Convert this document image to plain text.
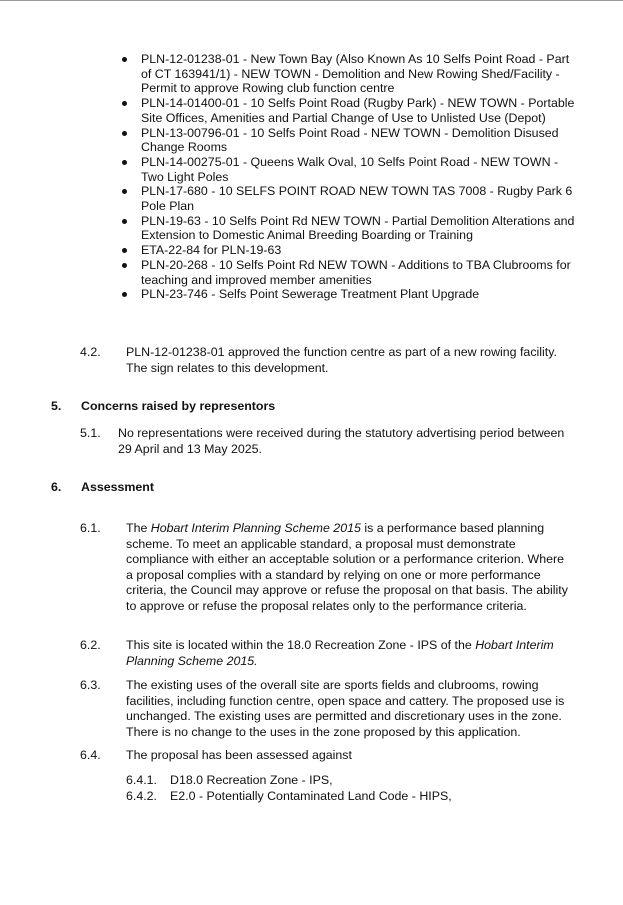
PLN-12-01238-01 - New Town Bay (Also Known As 10 Selfs Point Road - Part of CT 163941/1) - NEW TOWN - Demolition and New Rowing Shed/Facility - Permit to approve Rowing club function centre
PLN-14-01400-01 - 10 Selfs Point Road (Rugby Park) - NEW TOWN - Portable Site Offices, Amenities and Partial Change of Use to Unlisted Use (Depot)
PLN-13-00796-01 - 10 Selfs Point Road - NEW TOWN - Demolition Disused Change Rooms
PLN-14-00275-01 - Queens Walk Oval, 10 Selfs Point Road - NEW TOWN - Two Light Poles
PLN-17-680 - 10 SELFS POINT ROAD NEW TOWN TAS 7008 - Rugby Park 6 Pole Plan
PLN-19-63 - 10 Selfs Point Rd NEW TOWN - Partial Demolition Alterations and Extension to Domestic Animal Breeding Boarding or Training
ETA-22-84 for PLN-19-63
PLN-20-268 - 10 Selfs Point Rd NEW TOWN - Additions to TBA Clubrooms for teaching and improved member amenities
PLN-23-746 - Selfs Point Sewerage Treatment Plant Upgrade
4.2. PLN-12-01238-01 approved the function centre as part of a new rowing facility. The sign relates to this development.
5. Concerns raised by representors
5.1. No representations were received during the statutory advertising period between 29 April and 13 May 2025.
6. Assessment
6.1. The Hobart Interim Planning Scheme 2015 is a performance based planning scheme. To meet an applicable standard, a proposal must demonstrate compliance with either an acceptable solution or a performance criterion. Where a proposal complies with a standard by relying on one or more performance criteria, the Council may approve or refuse the proposal on that basis. The ability to approve or refuse the proposal relates only to the performance criteria.
6.2. This site is located within the 18.0 Recreation Zone - IPS of the Hobart Interim Planning Scheme 2015.
6.3. The existing uses of the overall site are sports fields and clubrooms, rowing facilities, including function centre, open space and cattery. The proposed use is unchanged. The existing uses are permitted and discretionary uses in the zone. There is no change to the uses in the zone proposed by this application.
6.4. The proposal has been assessed against
6.4.1. D18.0 Recreation Zone - IPS,
6.4.2. E2.0 - Potentially Contaminated Land Code - HIPS,
